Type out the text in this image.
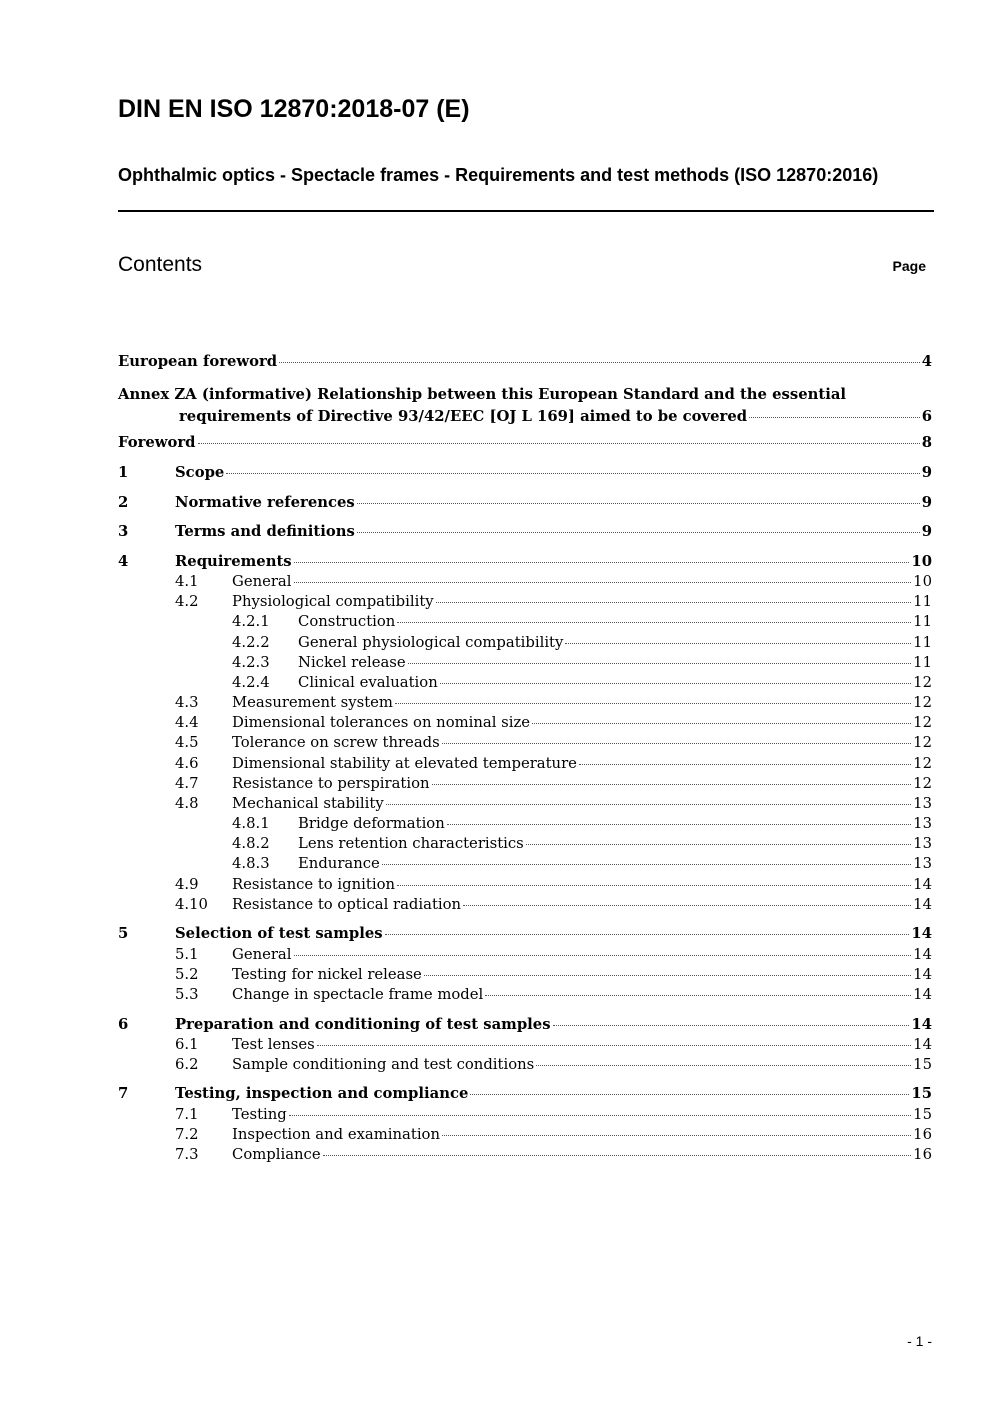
DIN EN ISO 12870:2018-07 (E)
Ophthalmic optics - Spectacle frames - Requirements and test methods (ISO 12870:2016)
Contents	Page
European foreword	4
Annex ZA (informative) Relationship between this European Standard and the essential
requirements of Directive 93/42/EEC [OJ L 169] aimed to be covered	6
Foreword	8
1	Scope	9
2	Normative references	9
3	Terms and definitions	9
4	Requirements	10
4.1	General	10
4.2	Physiological compatibility	11
4.2.1	Construction	11
4.2.2	General physiological compatibility	11
4.2.3	Nickel release	11
4.2.4	Clinical evaluation	12
4.3	Measurement system	12
4.4	Dimensional tolerances on nominal size	12
4.5	Tolerance on screw threads	12
4.6	Dimensional stability at elevated temperature	12
4.7	Resistance to perspiration	12
4.8	Mechanical stability	13
4.8.1	Bridge deformation	13
4.8.2	Lens retention characteristics	13
4.8.3	Endurance	13
4.9	Resistance to ignition	14
4.10	Resistance to optical radiation	14
5	Selection of test samples	14
5.1	General	14
5.2	Testing for nickel release	14
5.3	Change in spectacle frame model	14
6	Preparation and conditioning of test samples	14
6.1	Test lenses	14
6.2	Sample conditioning and test conditions	15
7	Testing, inspection and compliance	15
7.1	Testing	15
7.2	Inspection and examination	16
7.3	Compliance	16
- 1 -
